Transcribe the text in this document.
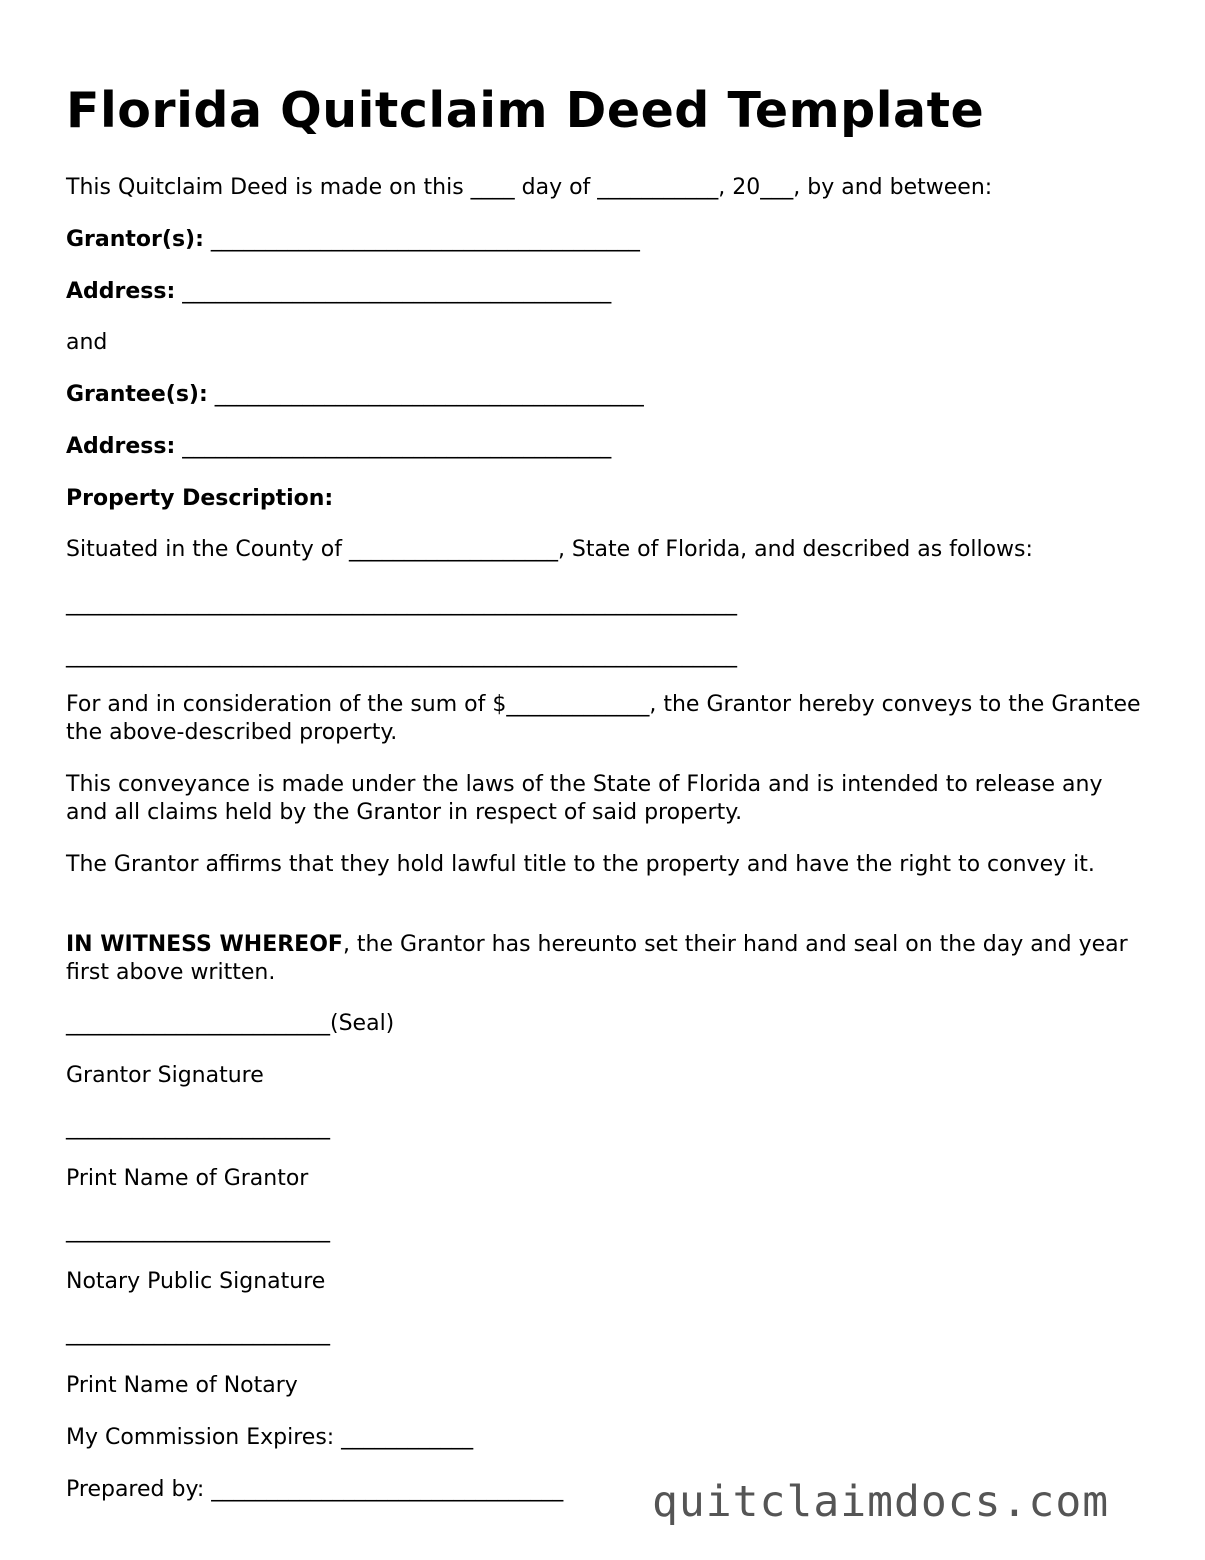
Florida Quitclaim Deed Template
This Quitclaim Deed is made on this ____ day of ___________, 20___, by and between:
Grantor(s): _______________________________________
Address: _______________________________________
and
Grantee(s): _______________________________________
Address: _______________________________________
Property Description:
Situated in the County of ___________________, State of Florida, and described as follows:
_____________________________________________________________
_____________________________________________________________
For and in consideration of the sum of $_____________, the Grantor hereby conveys to the Grantee the above-described property.
This conveyance is made under the laws of the State of Florida and is intended to release any and all claims held by the Grantor in respect of said property.
The Grantor affirms that they hold lawful title to the property and have the right to convey it.
IN WITNESS WHEREOF, the Grantor has hereunto set their hand and seal on the day and year first above written.
________________________(Seal)
Grantor Signature
________________________
Print Name of Grantor
________________________
Notary Public Signature
________________________
Print Name of Notary
My Commission Expires: ____________
Prepared by: ________________________________ quitclaimdocs.com
